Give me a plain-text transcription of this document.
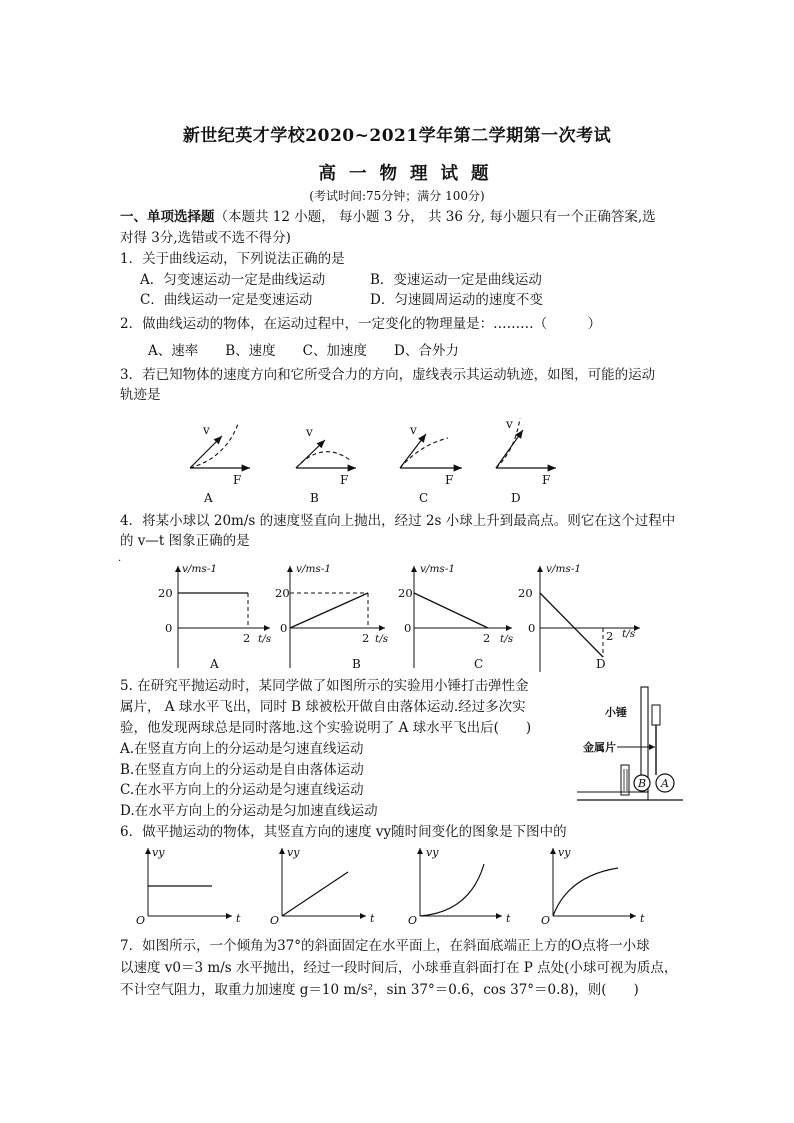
新世纪英才学校2020~2021学年第二学期第一次考试
高一物理试题
(考试时间:75分钟；满分 100分)
一、单项选择题（本题共 12 小题， 每小题 3 分， 共 36 分, 每小题只有一个正确答案,选
对得 3分,选错或不选不得分)
1．关于曲线运动，下列说法正确的是
A．匀变速运动一定是曲线运动	B．变速运动一定是曲线运动
C．曲线运动一定是变速运动	D．匀速圆周运动的速度不变
2．做曲线运动的物体，在运动过程中，一定变化的物理量是：………（　　　）
A、速率　　B、速度　　C、加速度　　D、合外力
3．若已知物体的速度方向和它所受合力的方向，虚线表示其运动轨迹，如图，可能的运动
轨迹是
v
F
A
v
F
B
v
F
C
v
F
D
4．将某小球以 20m/s 的速度竖直向上抛出，经过 2s 小球上升到最高点。则它在这个过程中
的 v—t 图象正确的是
·
v/ms-1
t/s
20
0
2
A
v/ms-1
t/s
20
0
2
B
v/ms-1
t/s
20
0
2
C
v/ms-1
t/s
20
0
2
D
5. 在研究平抛运动时，某同学做了如图所示的实验用小锤打击弹性金
属片， A 球水平飞出，同时 B 球被松开做自由落体运动.经过多次实
验，他发现两球总是同时落地.这个实验说明了 A 球水平飞出后(　　)
A.在竖直方向上的分运动是匀速直线运动
B.在竖直方向上的分运动是自由落体运动
C.在水平方向上的分运动是匀速直线运动
D.在水平方向上的分运动是匀加速直线运动
B A
小锤
金属片
6．做平抛运动的物体，其竖直方向的速度 vy随时间变化的图象是下图中的
vy
t
O
vy
t
O
vy
t
O
vy
t
O
7．如图所示，一个倾角为37°的斜面固定在水平面上，在斜面底端正上方的O点将一小球
以速度 v0＝3 m/s 水平抛出，经过一段时间后，小球垂直斜面打在 P 点处(小球可视为质点，
不计空气阻力，取重力加速度 g＝10 m/s²，sin 37°＝0.6，cos 37°＝0.8)，则(　　)
